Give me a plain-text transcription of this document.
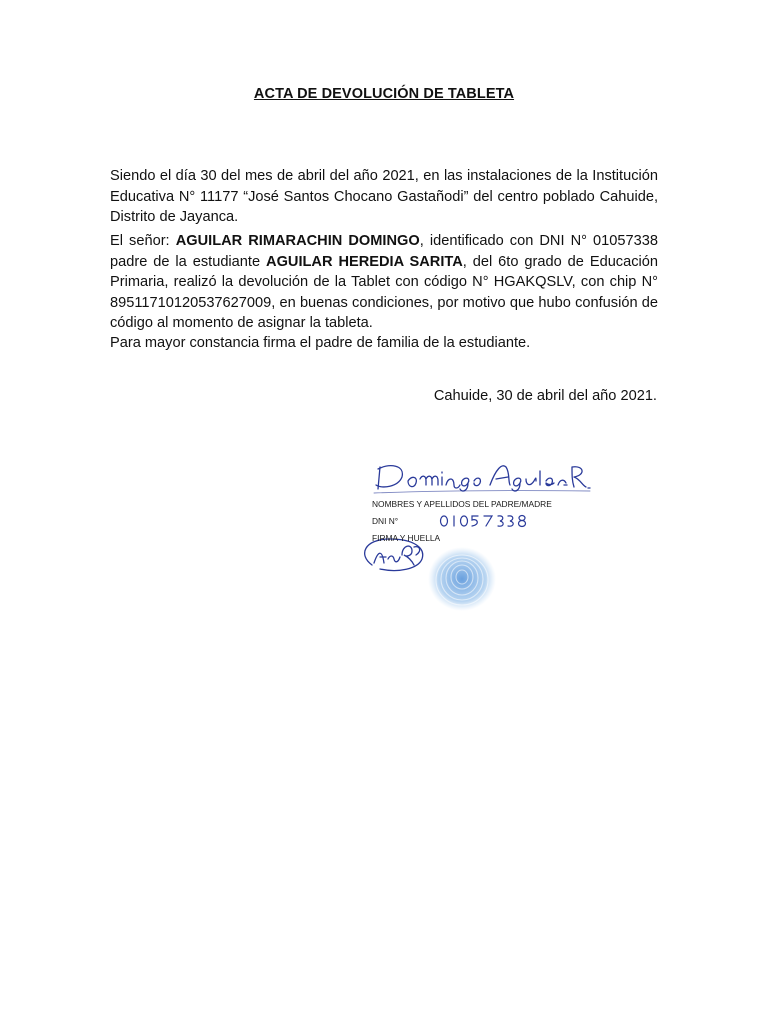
ACTA DE DEVOLUCIÓN DE TABLETA

Siendo el día 30 del mes de abril del año 2021, en las instalaciones de la Institución Educativa N° 11177 “José Santos Chocano Gastañodi” del centro poblado Cahuide, Distrito de Jayanca.

El señor: AGUILAR RIMARACHIN DOMINGO, identificado con DNI N° 01057338 padre de la estudiante AGUILAR HEREDIA SARITA, del 6to grado de Educación Primaria, realizó la devolución de la Tablet con código N° HGAKQSLV, con chip N° 89511710120537627009, en buenas condiciones, por motivo que hubo confusión de código al momento de asignar la tableta.

Para mayor constancia firma el padre de familia de la estudiante.

Cahuide, 30 de abril del año 2021.
NOMBRES Y APELLIDOS DEL PADRE/MADRE
DNI N°
FIRMA Y HUELLA
